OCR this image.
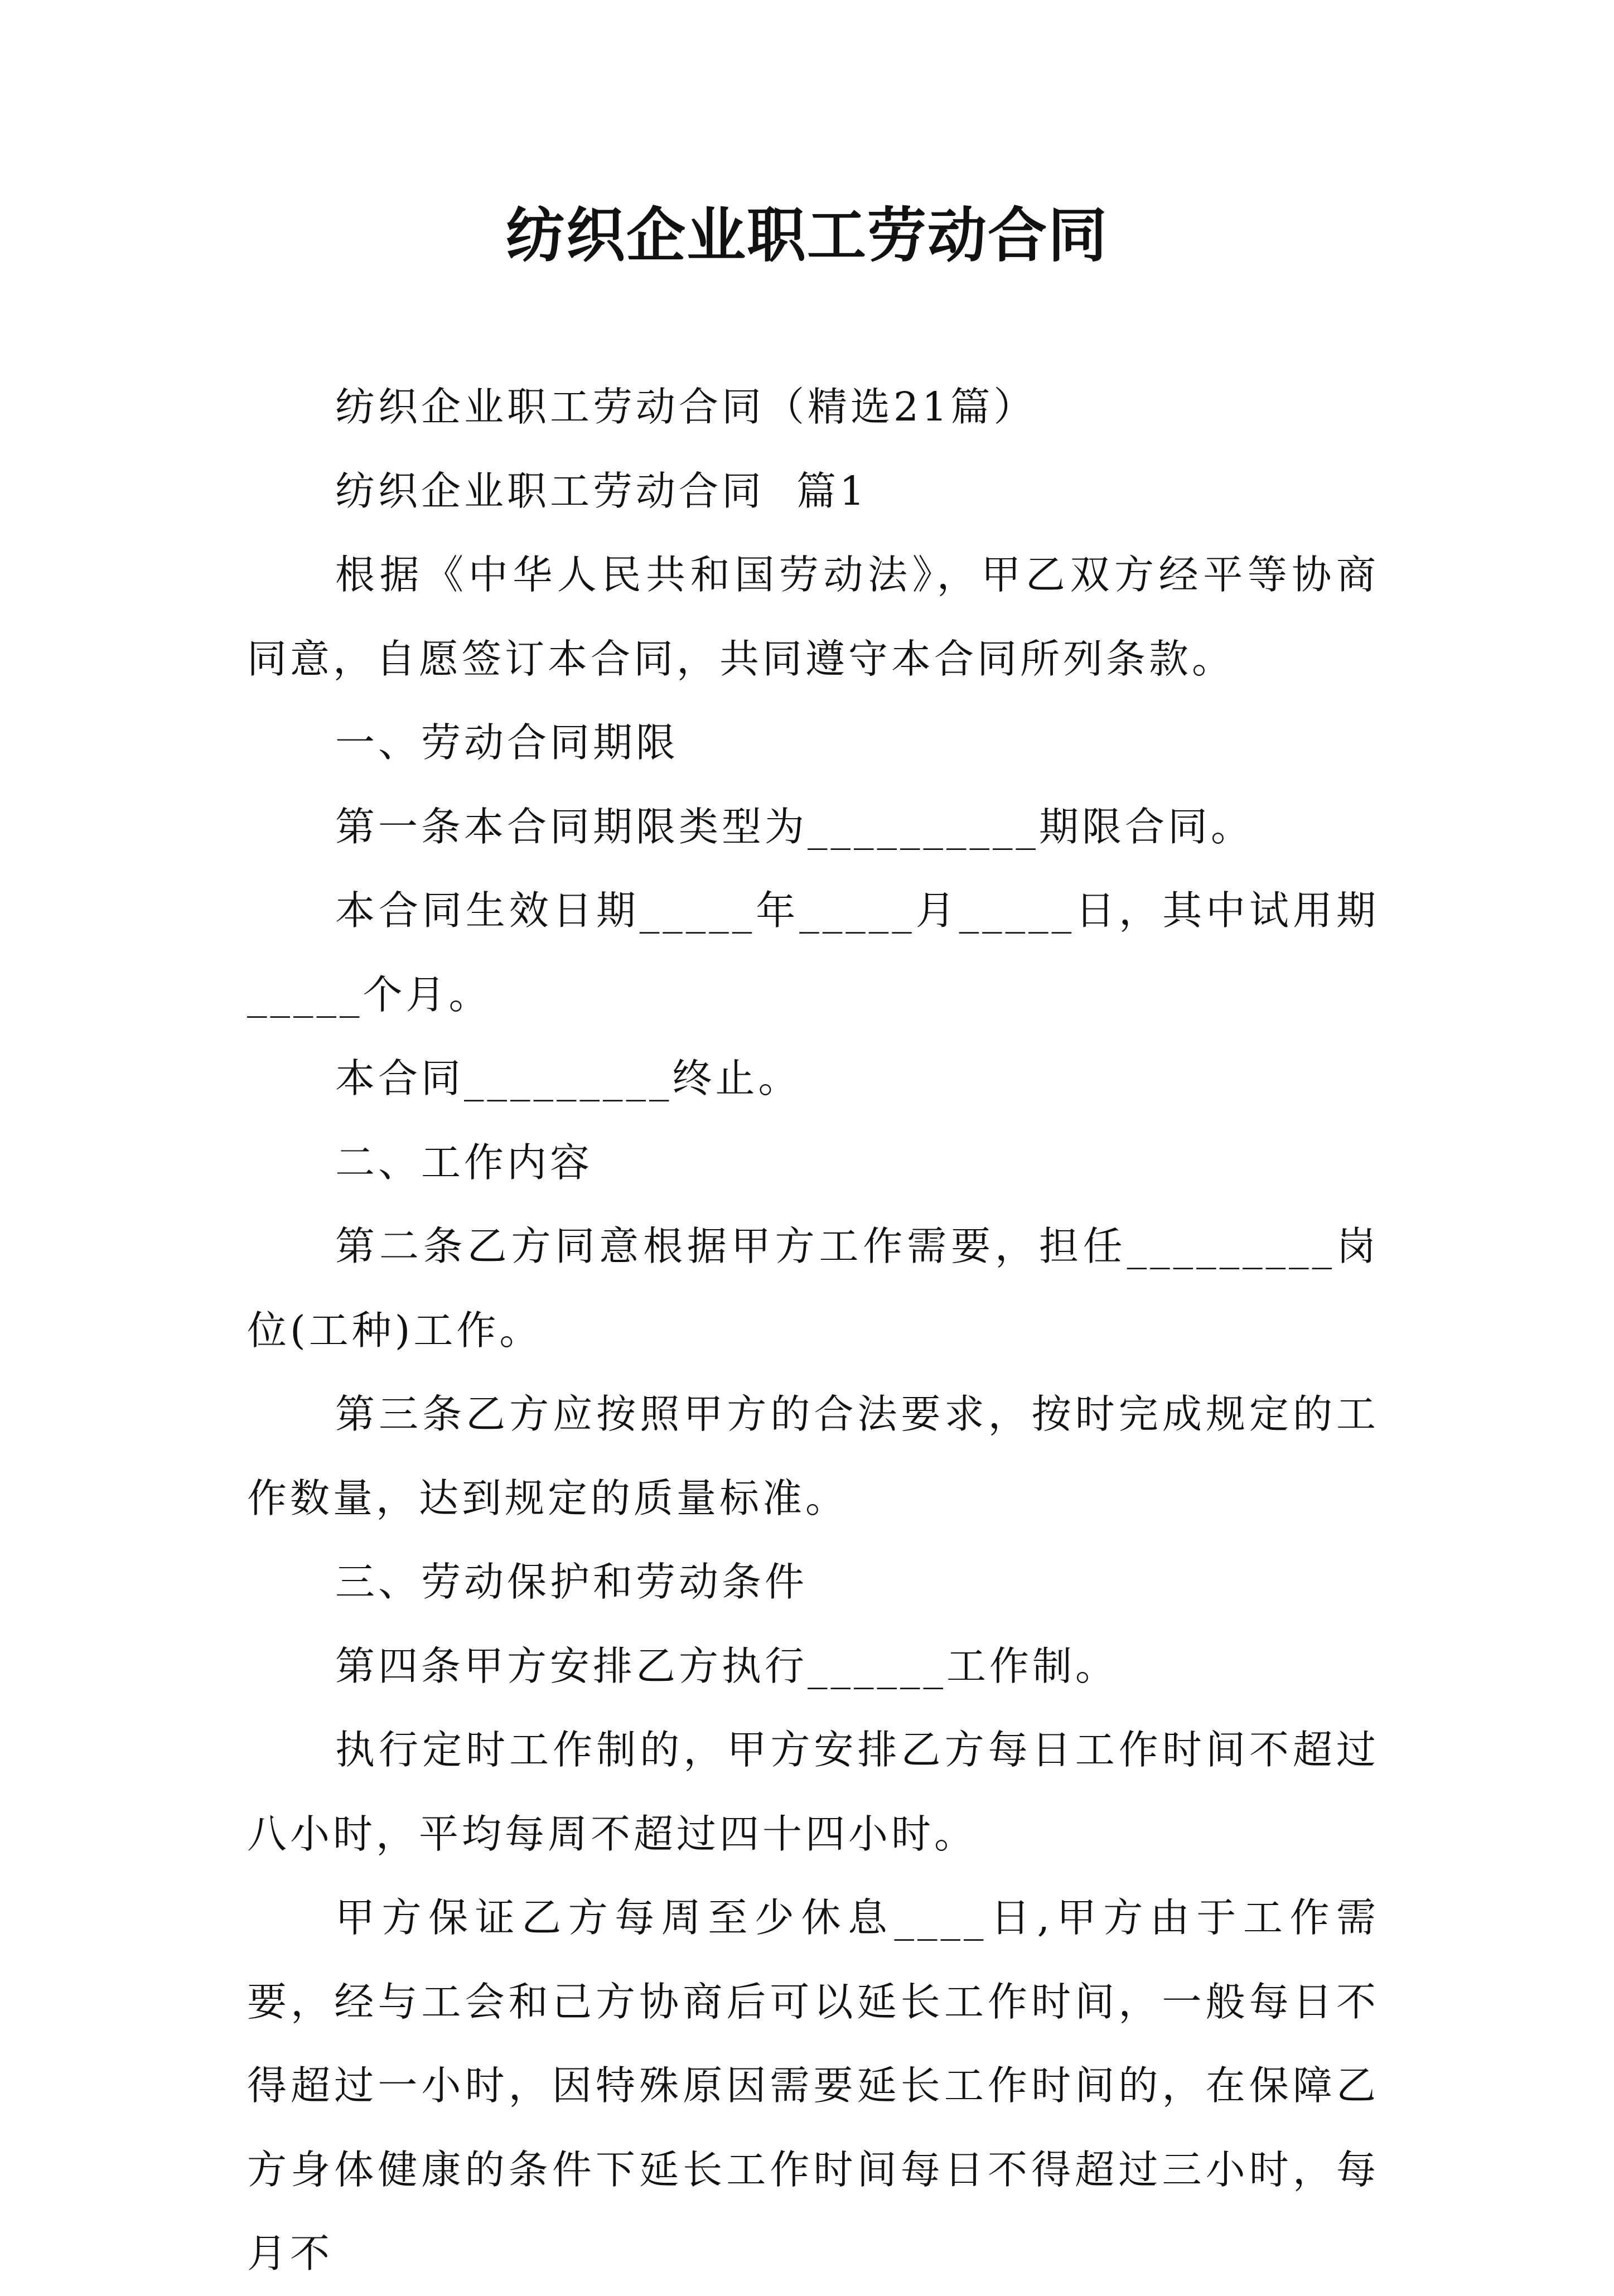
纺织企业职工劳动合同

纺织企业职工劳动合同（精选21篇）

纺织企业职工劳动合同  篇1

根据《中华人民共和国劳动法》，甲乙双方经平等协商同意，自愿签订本合同，共同遵守本合同所列条款。

一、劳动合同期限

第一条本合同期限类型为__________期限合同。

本合同生效日期_____年_____月_____日，其中试用期_____个月。

本合同_________终止。

二、工作内容

第二条乙方同意根据甲方工作需要，担任_________岗位(工种)工作。

第三条乙方应按照甲方的合法要求，按时完成规定的工作数量，达到规定的质量标准。

三、劳动保护和劳动条件

第四条甲方安排乙方执行______工作制。

执行定时工作制的，甲方安排乙方每日工作时间不超过八小时，平均每周不超过四十四小时。

甲方保证乙方每周至少休息____日,甲方由于工作需要，经与工会和己方协商后可以延长工作时间，一般每日不得超过一小时，因特殊原因需要延长工作时间的，在保障乙方身体健康的条件下延长工作时间每日不得超过三小时，每月不
